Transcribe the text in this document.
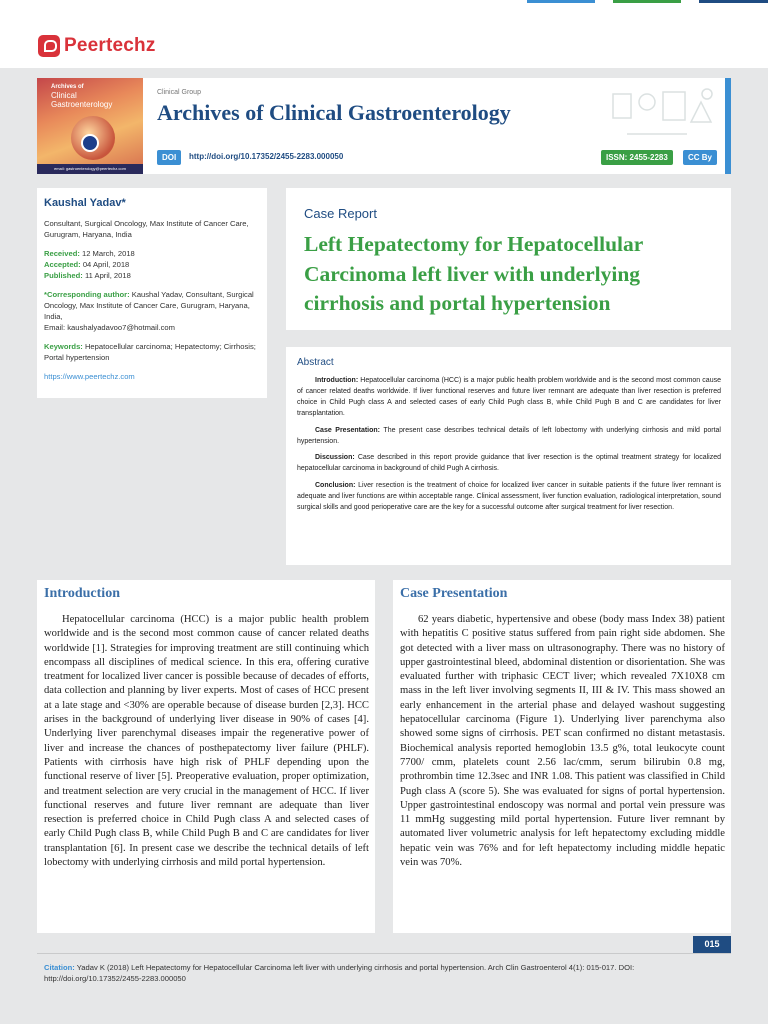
Peertechz
Archives of
Clinical
Gastroenterology
email: gastroenterology@peertechz.com
Clinical Group
Archives of Clinical Gastroenterology
DOI	http://doi.org/10.17352/2455-2283.000050	ISSN: 2455-2283	CC By
Kaushal Yadav*
Consultant, Surgical Oncology, Max Institute of Cancer Care, Gurugram, Haryana, India
Received: 12 March, 2018
Accepted: 04 April, 2018
Published: 11 April, 2018
*Corresponding author: Kaushal Yadav, Consultant, Surgical Oncology, Max Institute of Cancer Care, Gurugram, Haryana, India,
Email: kaushalyadavoo7@hotmail.com
Keywords: Hepatocellular carcinoma; Hepatectomy; Cirrhosis; Portal hypertension
https://www.peertechz.com
Case Report
Left Hepatectomy for Hepatocellular Carcinoma left liver with underlying cirrhosis and portal hypertension
Abstract

Introduction: Hepatocellular carcinoma (HCC) is a major public health problem worldwide and is the second most common cause of cancer related deaths worldwide. If liver functional reserves and future liver remnant are adequate than liver resection is preferred choice in Child Pugh class A and selected cases of early Child Pugh class B, while Child Pugh B and C are candidates for liver transplantation.

Case Presentation: The present case describes technical details of left lobectomy with underlying cirrhosis and mild portal hypertension.

Discussion: Case described in this report provide guidance that liver resection is the optimal treatment strategy for localized hepatocellular carcinoma in background of child Pugh A cirrhosis.

Conclusion: Liver resection is the treatment of choice for localized liver cancer in suitable patients if the future liver remnant is adequate and liver functions are within acceptable range. Clinical assessment, liver function evaluation, radiological interpretation, sound surgical skills and good perioperative care are the key for a successful outcome after surgical treatment for liver resection.

Introduction

Hepatocellular carcinoma (HCC) is a major public health problem worldwide and is the second most common cause of cancer related deaths worldwide [1]. Strategies for improving treatment are still continuing which encompass all disciplines of medical science. In this era, offering curative treatment for localized liver cancer is possible because of decades of efforts, data collection and planning by liver experts. Most of cases of HCC present at a late stage and <30% are operable because of disease burden [2,3]. HCC arises in the background of underlying liver disease in 90% of cases [4]. Underlying liver parenchymal diseases impair the regenerative power of liver and increase the chances of posthepatectomy liver failure (PHLF). Patients with cirrhosis have high risk of PHLF depending upon the functional reserve of liver [5]. Preoperative evaluation, proper optimization, and treatment selection are very crucial in the management of HCC. If liver functional reserves and future liver remnant are adequate than liver resection is preferred choice in Child Pugh class A and selected cases of early Child Pugh class B, while Child Pugh B and C are candidates for liver transplantation [6]. In present case we describe the technical details of left lobectomy with underlying cirrhosis and mild portal hypertension.

Case Presentation

62 years diabetic, hypertensive and obese (body mass Index 38) patient with hepatitis C positive status suffered from pain right side abdomen. She got detected with a liver mass on ultrasonography. There was no history of upper gastrointestinal bleed, abdominal distention or disorientation. She was evaluated further with triphasic CECT liver; which revealed 7X10X8 cm mass in the left liver involving segments II, III & IV. This mass showed an early enhancement in the arterial phase and delayed washout suggesting hepatocellular carcinoma (Figure 1). Underlying liver parenchyma also showed some signs of cirrhosis. PET scan confirmed no distant metastasis. Biochemical analysis reported hemoglobin 13.5 g%, total leukocyte count 7700/ cmm, platelets count 2.56 lac/cmm, serum bilirubin 0.8 mg, prothrombin time 12.3sec and INR 1.08. This patient was classified in Child Pugh class A (score 5). She was evaluated for signs of portal hypertension. Upper gastrointestinal endoscopy was normal and portal vein pressure was 11 mmHg suggesting mild portal hypertension. Future liver remnant by automated liver volumetric analysis for left hepatectomy excluding middle hepatic vein was 76% and for left hepatectomy including middle hepatic vein was 70%.

015
Citation: Yadav K (2018) Left Hepatectomy for Hepatocellular Carcinoma left liver with underlying cirrhosis and portal hypertension. Arch Clin Gastroenterol 4(1): 015-017. DOI: http://doi.org/10.17352/2455-2283.000050
